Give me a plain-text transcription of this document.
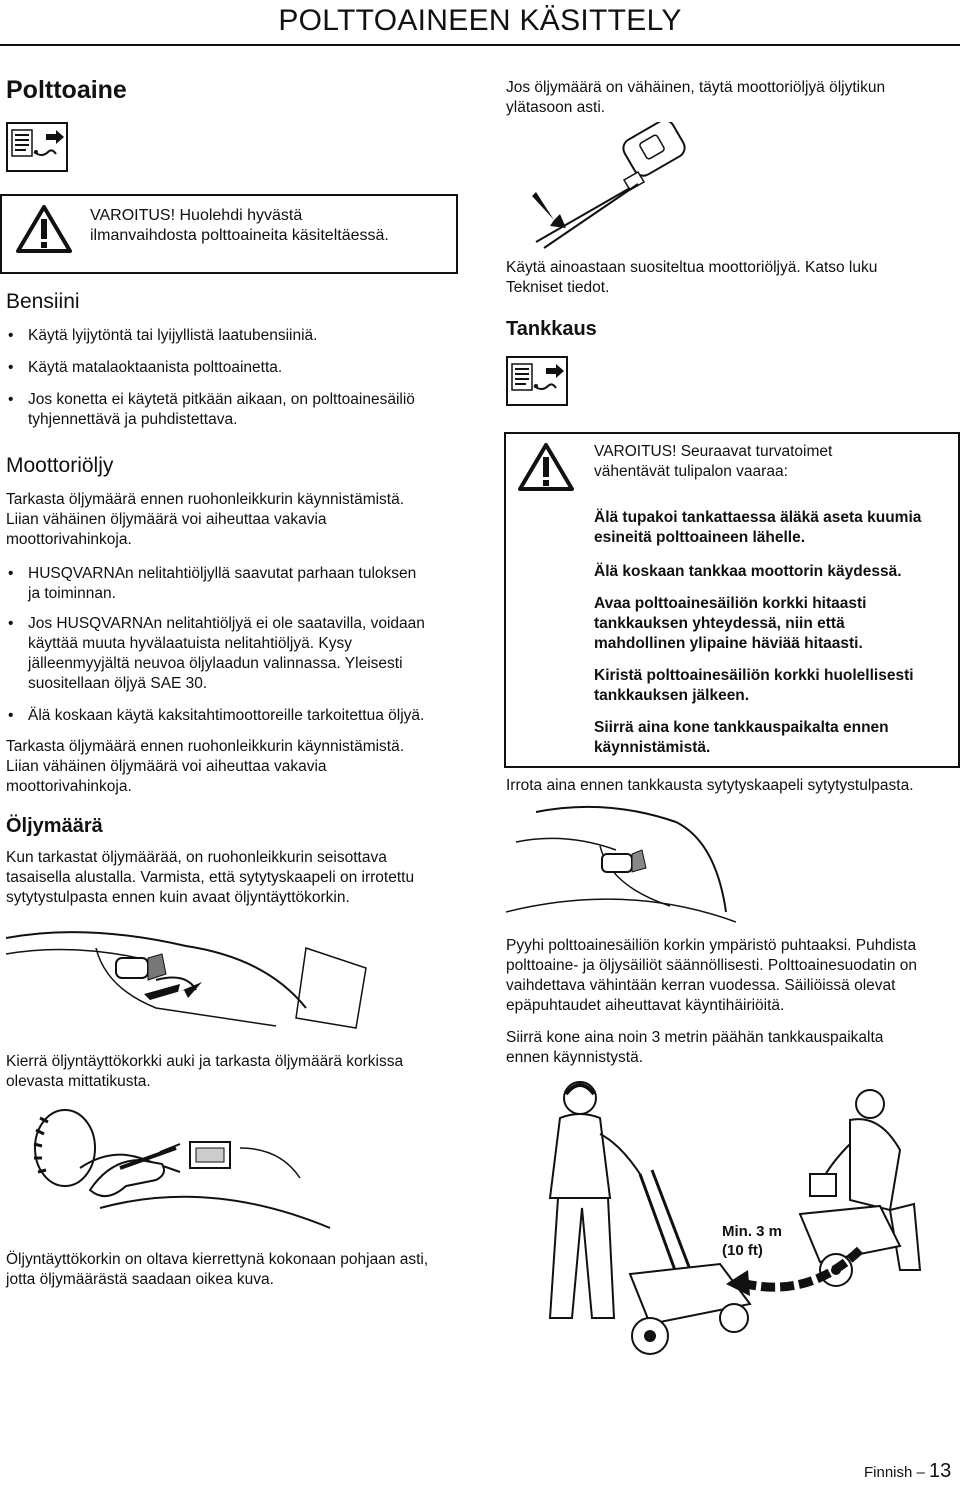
POLTTOAINEEN KÄSITTELY
Polttoaine
VAROITUS! Huolehdi hyvästä
ilmanvaihdosta polttoaineita käsiteltäessä.
Bensiini
• Käytä lyijytöntä tai lyijyllistä laatubensiiniä.
• Käytä matalaoktaanista polttoainetta.
• Jos konetta ei käytetä pitkään aikaan, on polttoainesäiliö
tyhjennettävä ja puhdistettava.
Moottoriöljy
Tarkasta öljymäärä ennen ruohonleikkurin käynnistämistä.
Liian vähäinen öljymäärä voi aiheuttaa vakavia
moottorivahinkoja.
• HUSQVARNAn nelitahtiöljyllä saavutat parhaan tuloksen
ja toiminnan.
• Jos HUSQVARNAn nelitahtiöljyä ei ole saatavilla, voidaan
käyttää muuta hyvälaatuista nelitahtiöljyä. Kysy
jälleenmyyjältä neuvoa öljylaadun valinnassa. Yleisesti
suositellaan öljyä SAE 30.
• Älä koskaan käytä kaksitahtimoottoreille tarkoitettua öljyä.
Tarkasta öljymäärä ennen ruohonleikkurin käynnistämistä.
Liian vähäinen öljymäärä voi aiheuttaa vakavia
moottorivahinkoja.
Öljymäärä
Kun tarkastat öljymäärää, on ruohonleikkurin seisottava
tasaisella alustalla. Varmista, että sytytyskaapeli on irrotettu
sytytystulpasta ennen kuin avaat öljyntäyttökorkin.
Kierrä öljyntäyttökorkki auki ja tarkasta öljymäärä korkissa
olevasta mittatikusta.
Öljyntäyttökorkin on oltava kierrettynä kokonaan pohjaan asti,
jotta öljymäärästä saadaan oikea kuva.
Jos öljymäärä on vähäinen, täytä moottoriöljyä öljytikun
ylätasoon asti.
Käytä ainoastaan suositeltua moottoriöljyä. Katso luku
Tekniset tiedot.
Tankkaus
VAROITUS! Seuraavat turvatoimet
vähentävät tulipalon vaaraa:
Älä tupakoi tankattaessa äläkä aseta kuumia
esineitä polttoaineen lähelle.
Älä koskaan tankkaa moottorin käydessä.
Avaa polttoainesäiliön korkki hitaasti
tankkauksen yhteydessä, niin että
mahdollinen ylipaine häviää hitaasti.
Kiristä polttoainesäiliön korkki huolellisesti
tankkauksen jälkeen.
Siirrä aina kone tankkauspaikalta ennen
käynnistämistä.
Irrota aina ennen tankkausta sytytyskaapeli sytytystulpasta.
Pyyhi polttoainesäiliön korkin ympäristö puhtaaksi. Puhdista
polttoaine- ja öljysäiliöt säännöllisesti. Polttoainesuodatin on
vaihdettava vähintään kerran vuodessa. Säiliöissä olevat
epäpuhtaudet aiheuttavat käyntihäiriöitä.
Siirrä kone aina noin 3 metrin päähän tankkauspaikalta
ennen käynnistystä.
Min. 3 m
(10 ft)
Finnish – 13
